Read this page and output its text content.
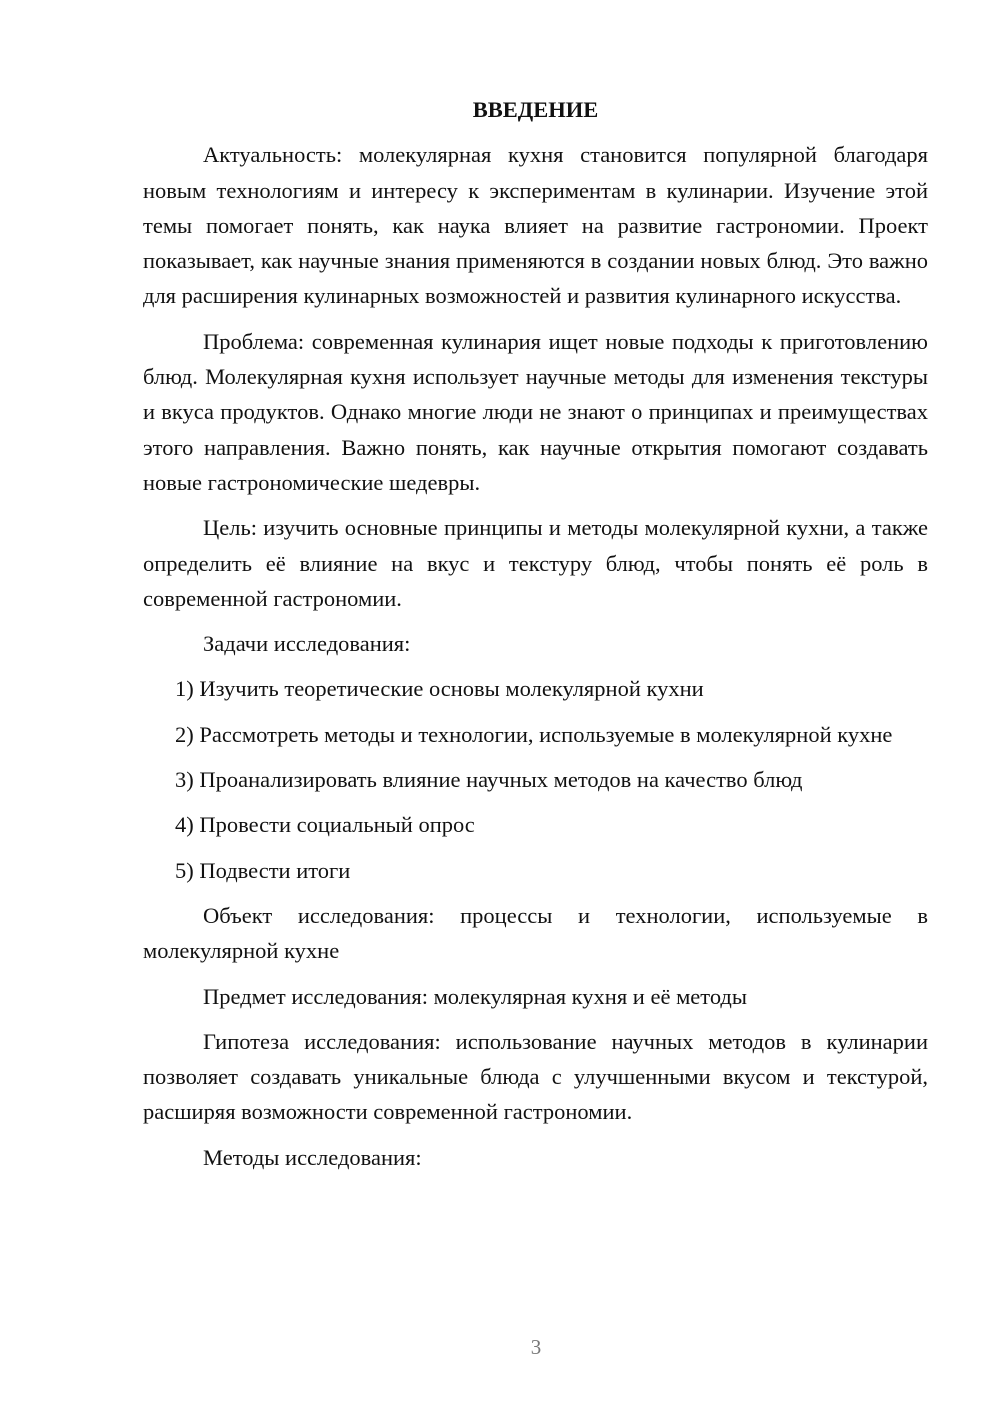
ВВЕДЕНИЕ
Актуальность: молекулярная кухня становится популярной благодаря новым технологиям и интересу к экспериментам в кулинарии. Изучение этой темы помогает понять, как наука влияет на развитие гастрономии. Проект показывает, как научные знания применяются в создании новых блюд. Это важно для расширения кулинарных возможностей и развития кулинарного искусства.
Проблема: современная кулинария ищет новые подходы к приготовлению блюд. Молекулярная кухня использует научные методы для изменения текстуры и вкуса продуктов. Однако многие люди не знают о принципах и преимуществах этого направления. Важно понять, как научные открытия помогают создавать новые гастрономические шедевры.
Цель: изучить основные принципы и методы молекулярной кухни, а также определить её влияние на вкус и текстуру блюд, чтобы понять её роль в современной гастрономии.
Задачи исследования:
1) Изучить теоретические основы молекулярной кухни
2) Рассмотреть методы и технологии, используемые в молекулярной кухне
3) Проанализировать влияние научных методов на качество блюд
4) Провести социальный опрос
5) Подвести итоги
Объект исследования: процессы и технологии, используемые в молекулярной кухне
Предмет исследования: молекулярная кухня и её методы
Гипотеза исследования: использование научных методов в кулинарии позволяет создавать уникальные блюда с улучшенными вкусом и текстурой, расширяя возможности современной гастрономии.
Методы исследования:
3
